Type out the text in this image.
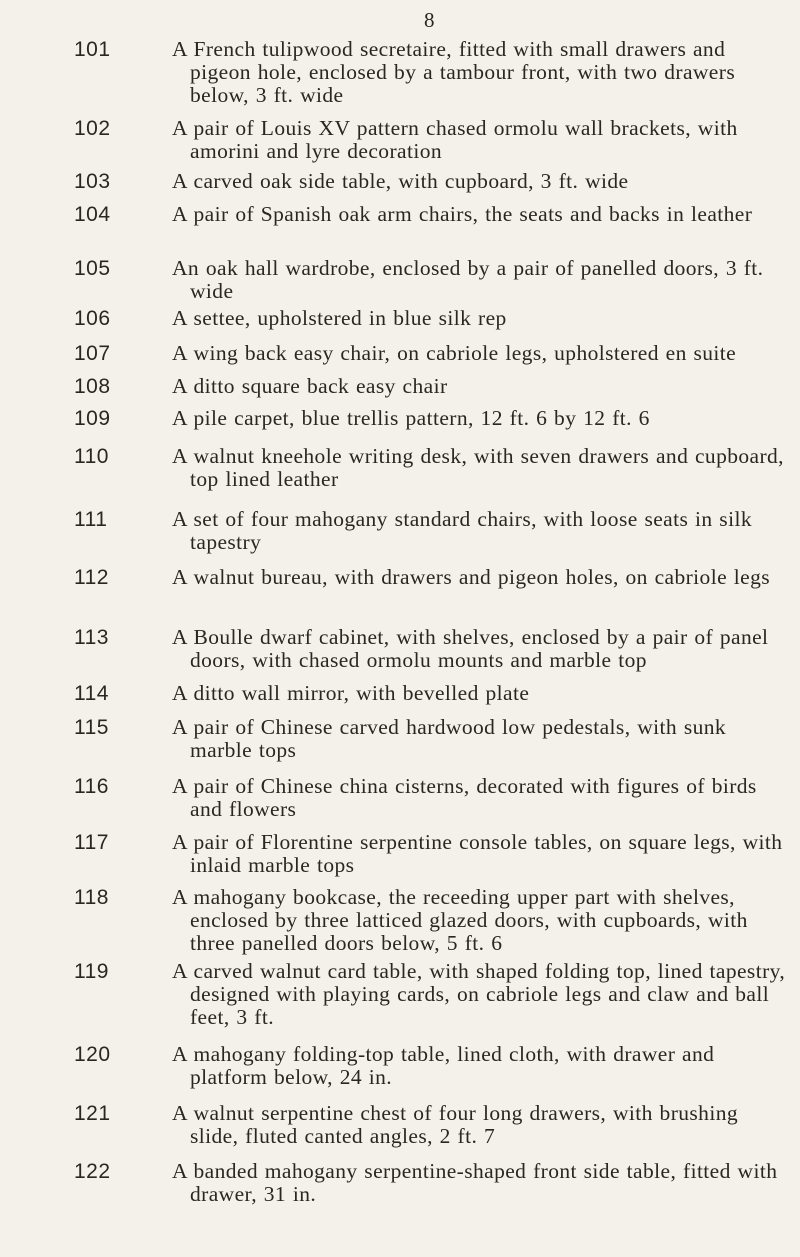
8
101	A French tulipwood secretaire, fitted with small drawers and pigeon hole, enclosed by a tambour front, with two drawers below, 3 ft. wide
102	A pair of Louis XV pattern chased ormolu wall brackets, with amorini and lyre decoration
103	A carved oak side table, with cupboard, 3 ft. wide
104	A pair of Spanish oak arm chairs, the seats and backs in leather
105	An oak hall wardrobe, enclosed by a pair of panelled doors, 3 ft. wide
106	A settee, upholstered in blue silk rep
107	A wing back easy chair, on cabriole legs, upholstered en suite
108	A ditto square back easy chair
109	A pile carpet, blue trellis pattern, 12 ft. 6 by 12 ft. 6
110	A walnut kneehole writing desk, with seven drawers and cupboard, top lined leather
111	A set of four mahogany standard chairs, with loose seats in silk tapestry
112	A walnut bureau, with drawers and pigeon holes, on cabriole legs
113	A Boulle dwarf cabinet, with shelves, enclosed by a pair of panel doors, with chased ormolu mounts and marble top
114	A ditto wall mirror, with bevelled plate
115	A pair of Chinese carved hardwood low pedestals, with sunk marble tops
116	A pair of Chinese china cisterns, decorated with figures of birds and flowers
117	A pair of Florentine serpentine console tables, on square legs, with inlaid marble tops
118	A mahogany bookcase, the receeding upper part with shelves, enclosed by three latticed glazed doors, with cupboards, with three panelled doors below, 5 ft. 6
119	A carved walnut card table, with shaped folding top, lined tapestry, designed with playing cards, on cabriole legs and claw and ball feet, 3 ft.
120	A mahogany folding-top table, lined cloth, with drawer and platform below, 24 in.
121	A walnut serpentine chest of four long drawers, with brushing slide, fluted canted angles, 2 ft. 7
122	A banded mahogany serpentine-shaped front side table, fitted with drawer, 31 in.
